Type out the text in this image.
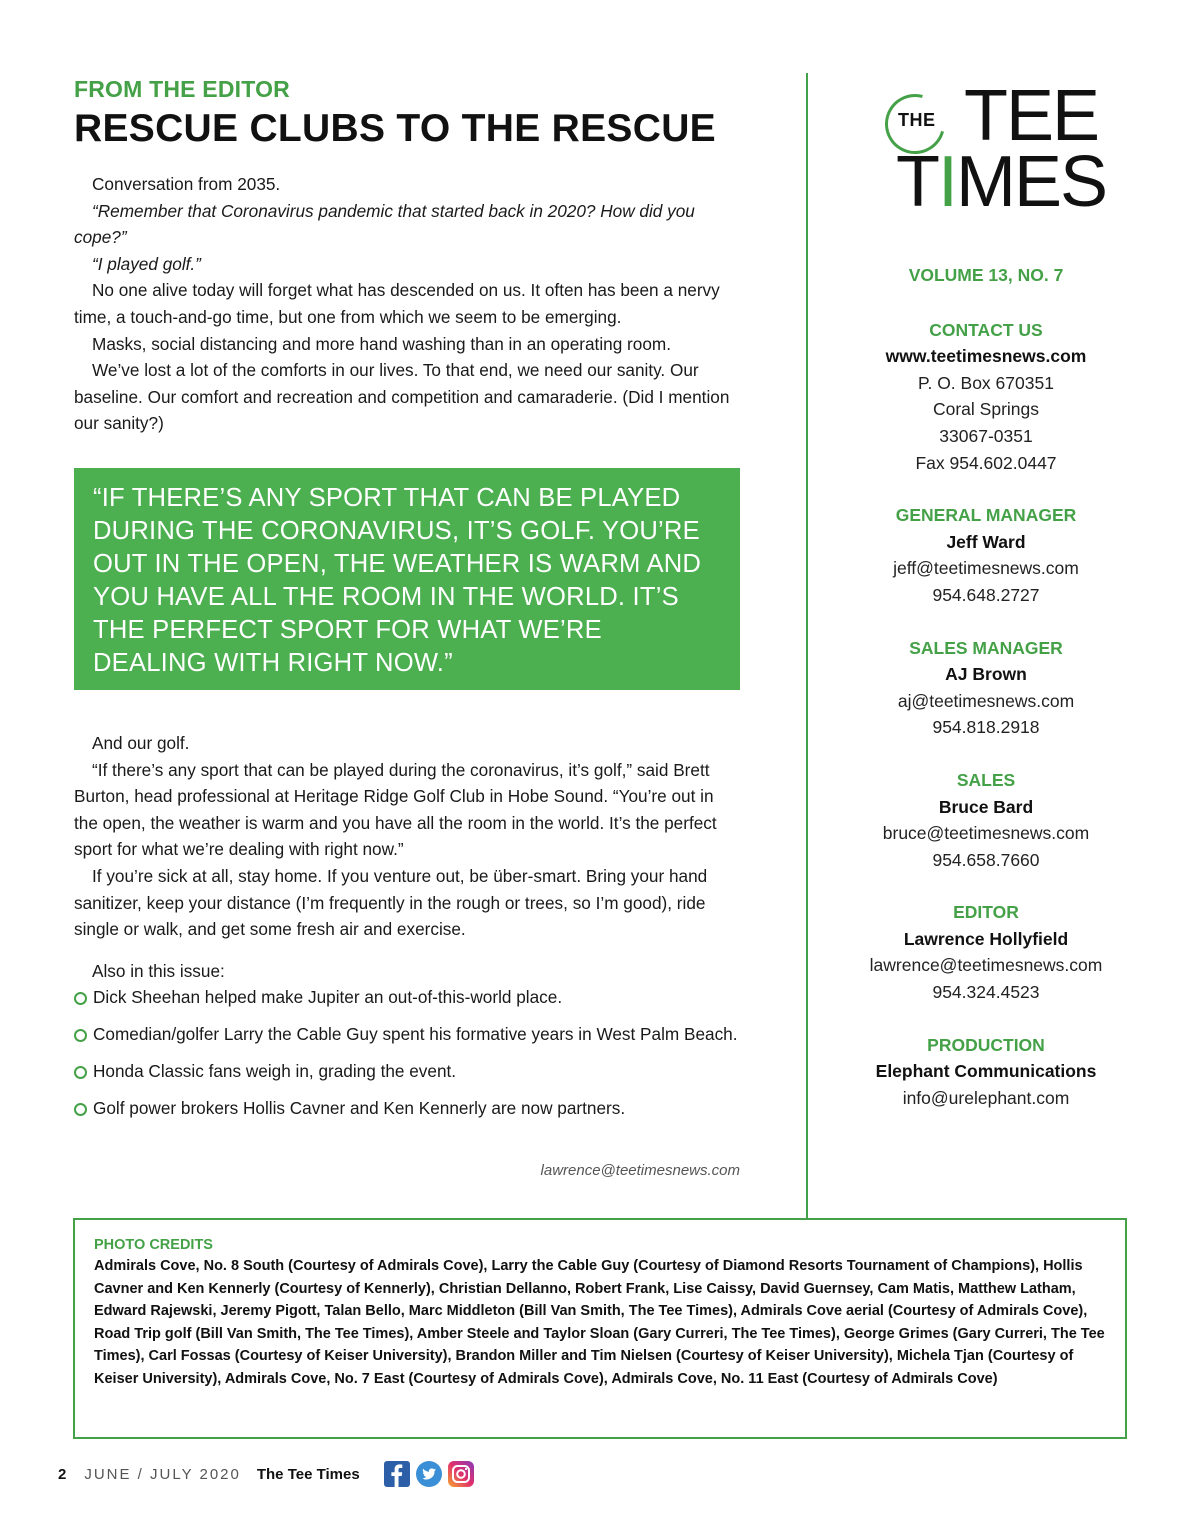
FROM THE EDITOR
RESCUE CLUBS TO THE RESCUE

Conversation from 2035.

“Remember that Coronavirus pandemic that started back in 2020? How did you cope?”

“I played golf.”

No one alive today will forget what has descended on us. It often has been a nervy time, a touch-and-go time, but one from which we seem to be emerging.

Masks, social distancing and more hand washing than in an operating room.

We’ve lost a lot of the comforts in our lives. To that end, we need our sanity. Our baseline. Our comfort and recreation and competition and camaraderie. (Did I mention our sanity?)

“IF THERE’S ANY SPORT THAT CAN BE PLAYED DURING THE CORONAVIRUS, IT’S GOLF. YOU’RE OUT IN THE OPEN, THE WEATHER IS WARM AND YOU HAVE ALL THE ROOM IN THE WORLD. IT’S THE PERFECT SPORT FOR WHAT WE’RE DEALING WITH RIGHT NOW.”

And our golf.

“If there’s any sport that can be played during the coronavirus, it’s golf,” said Brett Burton, head professional at Heritage Ridge Golf Club in Hobe Sound. “You’re out in the open, the weather is warm and you have all the room in the world. It’s the perfect sport for what we’re dealing with right now.”

If you’re sick at all, stay home. If you venture out, be über-smart. Bring your hand sanitizer, keep your distance (I’m frequently in the rough or trees, so I’m good), ride single or walk, and get some fresh air and exercise.

Also in this issue:
Dick Sheehan helped make Jupiter an out-of-this-world place.
Comedian/golfer Larry the Cable Guy spent his formative years in West Palm Beach.
Honda Classic fans weigh in, grading the event.
Golf power brokers Hollis Cavner and Ken Kennerly are now partners.
lawrence@teetimesnews.com
THE TEE
TIMES
VOLUME 13, NO. 7
CONTACT US
www.teetimesnews.com
P. O. Box 670351
Coral Springs
33067-0351
Fax 954.602.0447
GENERAL MANAGER
Jeff Ward
jeff@teetimesnews.com
954.648.2727
SALES MANAGER
AJ Brown
aj@teetimesnews.com
954.818.2918
SALES
Bruce Bard
bruce@teetimesnews.com
954.658.7660
EDITOR
Lawrence Hollyfield
lawrence@teetimesnews.com
954.324.4523
PRODUCTION
Elephant Communications
info@urelephant.com
PHOTO CREDITS
Admirals Cove, No. 8 South (Courtesy of Admirals Cove), Larry the Cable Guy (Courtesy of Diamond Resorts Tournament of Champions), Hollis Cavner and Ken Kennerly (Courtesy of Kennerly), Christian Dellanno, Robert Frank, Lise Caissy, David Guernsey, Cam Matis, Matthew Latham, Edward Rajewski, Jeremy Pigott, Talan Bello, Marc Middleton (Bill Van Smith, The Tee Times), Admirals Cove aerial (Courtesy of Admirals Cove), Road Trip golf (Bill Van Smith, The Tee Times), Amber Steele and Taylor Sloan (Gary Curreri, The Tee Times), George Grimes (Gary Curreri, The Tee Times), Carl Fossas (Courtesy of Keiser University), Brandon Miller and Tim Nielsen (Courtesy of Keiser University), Michela Tjan (Courtesy of Keiser University), Admirals Cove, No. 7 East (Courtesy of Admirals Cove), Admirals Cove, No. 11 East (Courtesy of Admirals Cove)
2 JUNE / JULY 2020 The Tee Times
